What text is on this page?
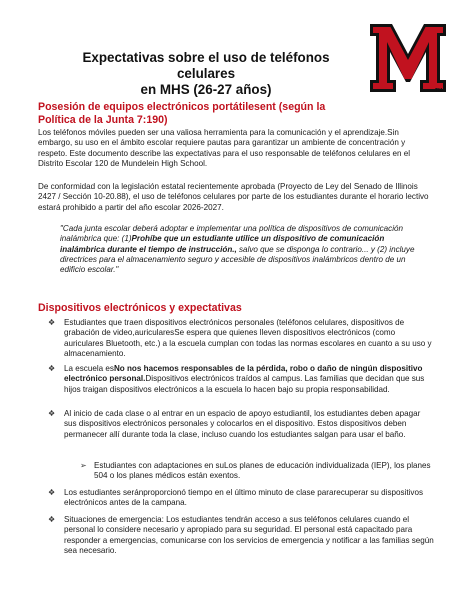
Expectativas sobre el uso de teléfonos celulares
en MHS (26-27 años)	TM
Posesión de equipos electrónicos portátilesent (según la
Política de la Junta 7:190)
Los teléfonos móviles pueden ser una valiosa herramienta para la comunicación y el aprendizaje.Sin embargo, su uso en el ámbito escolar requiere pautas para garantizar un ambiente de concentración y respeto. Este documento describe las expectativas para el uso responsable de teléfonos celulares en el Distrito Escolar 120 de Mundelein High School.
De conformidad con la legislación estatal recientemente aprobada (Proyecto de Ley del Senado de Illinois 2427 / Sección 10-20.88), el uso de teléfonos celulares por parte de los estudiantes durante el horario lectivo estará prohibido a partir del año escolar 2026-2027.
"Cada junta escolar deberá adoptar e implementar una política de dispositivos de comunicación inalámbrica que: (1)Prohíbe que un estudiante utilice un dispositivo de comunicación inalámbrica durante el tiempo de instrucción., salvo que se disponga lo contrario... y (2) incluye directrices para el almacenamiento seguro y accesible de dispositivos inalámbricos dentro de un edificio escolar."
Dispositivos electrónicos y expectativas
❖ Estudiantes que traen dispositivos electrónicos personales (teléfonos celulares, dispositivos de grabación de video,auricularesSe espera que quienes lleven dispositivos electrónicos (como auriculares Bluetooth, etc.) a la escuela cumplan con todas las normas escolares en cuanto a su uso y almacenamiento.
❖ La escuela esNo nos hacemos responsables de la pérdida, robo o daño de ningún dispositivo electrónico personal.Dispositivos electrónicos traídos al campus. Las familias que decidan que sus hijos traigan dispositivos electrónicos a la escuela lo hacen bajo su propia responsabilidad.
❖ Al inicio de cada clase o al entrar en un espacio de apoyo estudiantil, los estudiantes deben apagar sus dispositivos electrónicos personales y colocarlos en el dispositivo. Estos dispositivos deben permanecer allí durante toda la clase, incluso cuando los estudiantes salgan para usar el baño.
➢ Estudiantes con adaptaciones en suLos planes de educación individualizada (IEP), los planes 504 o los planes médicos están exentos.
❖ Los estudiantes seránproporcionó tiempo en el último minuto de clase pararecuperar su dispositivos electrónicos antes de la campana.
❖ Situaciones de emergencia: Los estudiantes tendrán acceso a sus teléfonos celulares cuando el personal lo considere necesario y apropiado para su seguridad. El personal está capacitado para responder a emergencias, comunicarse con los servicios de emergencia y notificar a las familias según sea necesario.
